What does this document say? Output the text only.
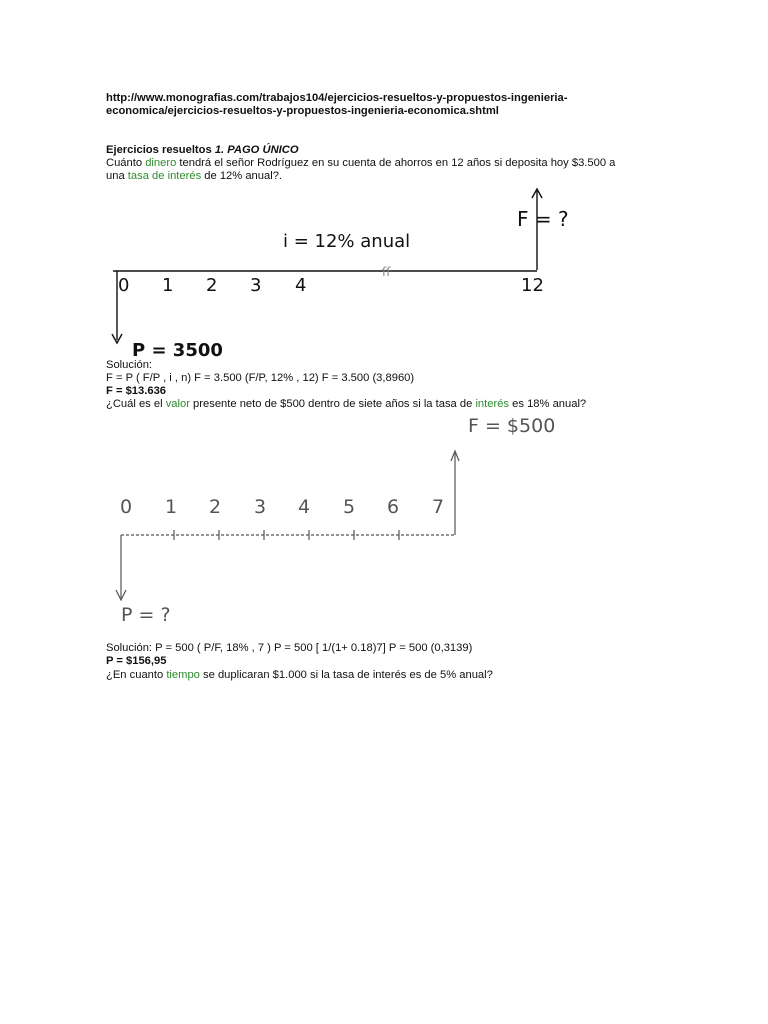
http://www.monografias.com/trabajos104/ejercicios-resueltos-y-propuestos-ingenieria-
economica/ejercicios-resueltos-y-propuestos-ingenieria-economica.shtml
Ejercicios resueltos 1. PAGO ÚNICO
Cuánto dinero tendrá el señor Rodríguez en su cuenta de ahorros en 12 años si deposita hoy $3.500 a
una tasa de interés de 12% anual?.
F = ?
i = 12% anual
ſſ
0 1 2 3 4	12
P = 3500
Solución:
F = P ( F/P , i , n) F = 3.500 (F/P, 12% , 12) F = 3.500 (3,8960)
F = $13.636
¿Cuál es el valor presente neto de $500 dentro de siete años si la tasa de interés es 18% anual?
F = $500
0 1 2 3 4 5 6 7
P = ?
Solución: P = 500 ( P/F, 18% , 7 ) P = 500 [ 1/(1+ 0.18)7] P = 500 (0,3139)
P = $156,95
¿En cuanto tiempo se duplicaran $1.000 si la tasa de interés es de 5% anual?
